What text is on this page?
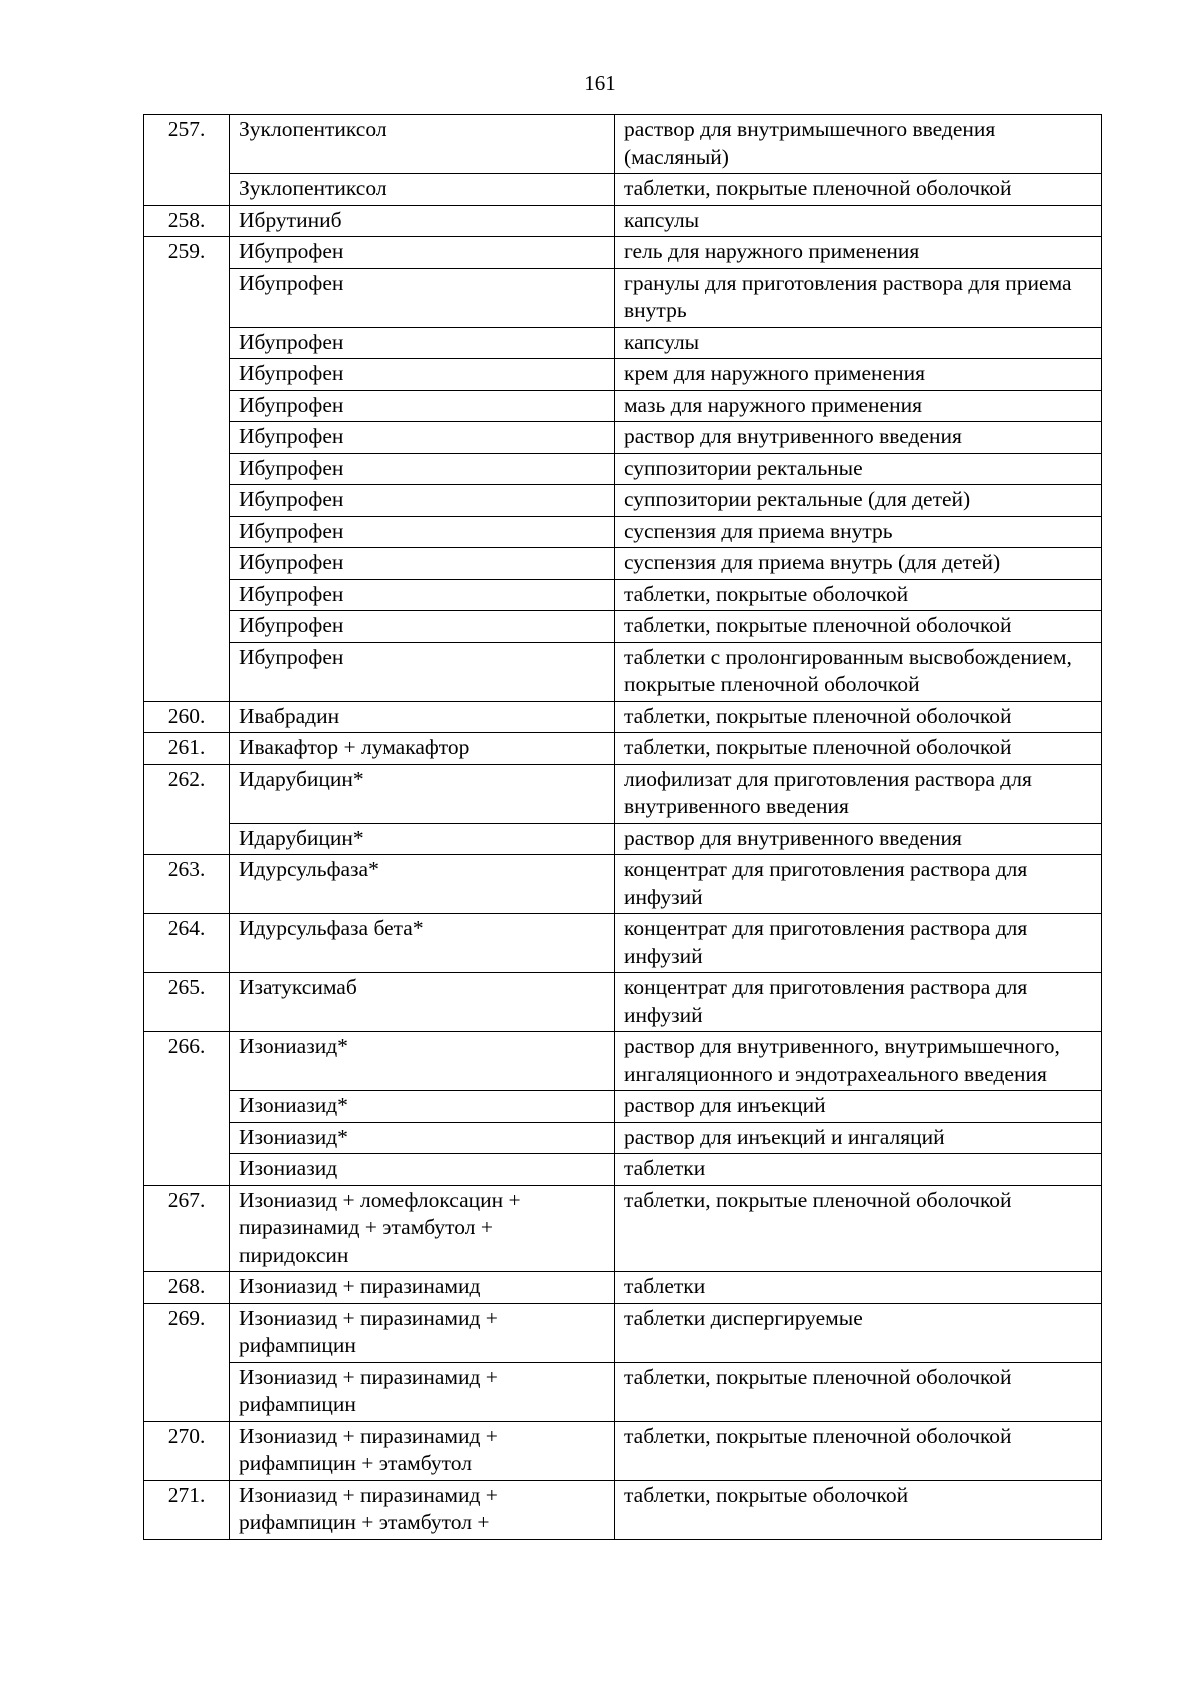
161
257.	Зуклопентиксол	раствор для внутримышечного введения (масляный)
	Зуклопентиксол	таблетки, покрытые пленочной оболочкой
258.	Ибрутиниб	капсулы
259.	Ибупрофен	гель для наружного применения
	Ибупрофен	гранулы для приготовления раствора для приема внутрь
	Ибупрофен	капсулы
	Ибупрофен	крем для наружного применения
	Ибупрофен	мазь для наружного применения
	Ибупрофен	раствор для внутривенного введения
	Ибупрофен	суппозитории ректальные
	Ибупрофен	суппозитории ректальные (для детей)
	Ибупрофен	суспензия для приема внутрь
	Ибупрофен	суспензия для приема внутрь (для детей)
	Ибупрофен	таблетки, покрытые оболочкой
	Ибупрофен	таблетки, покрытые пленочной оболочкой
	Ибупрофен	таблетки с пролонгированным высвобождением, покрытые пленочной оболочкой
260.	Ивабрадин	таблетки, покрытые пленочной оболочкой
261.	Ивакафтор + лумакафтор	таблетки, покрытые пленочной оболочкой
262.	Идарубицин*	лиофилизат для приготовления раствора для внутривенного введения
	Идарубицин*	раствор для внутривенного введения
263.	Идурсульфаза*	концентрат для приготовления раствора для инфузий
264.	Идурсульфаза бета*	концентрат для приготовления раствора для инфузий
265.	Изатуксимаб	концентрат для приготовления раствора для инфузий
266.	Изониазид*	раствор для внутривенного, внутримышечного, ингаляционного и эндотрахеального введения
	Изониазид*	раствор для инъекций
	Изониазид*	раствор для инъекций и ингаляций
	Изониазид	таблетки
267.	Изониазид + ломефлоксацин + пиразинамид + этамбутол + пиридоксин	таблетки, покрытые пленочной оболочкой
268.	Изониазид + пиразинамид	таблетки
269.	Изониазид + пиразинамид + рифампицин	таблетки диспергируемые
	Изониазид + пиразинамид + рифампицин	таблетки, покрытые пленочной оболочкой
270.	Изониазид + пиразинамид + рифампицин + этамбутол	таблетки, покрытые пленочной оболочкой
271.	Изониазид + пиразинамид + рифампицин + этамбутол +	таблетки, покрытые оболочкой
